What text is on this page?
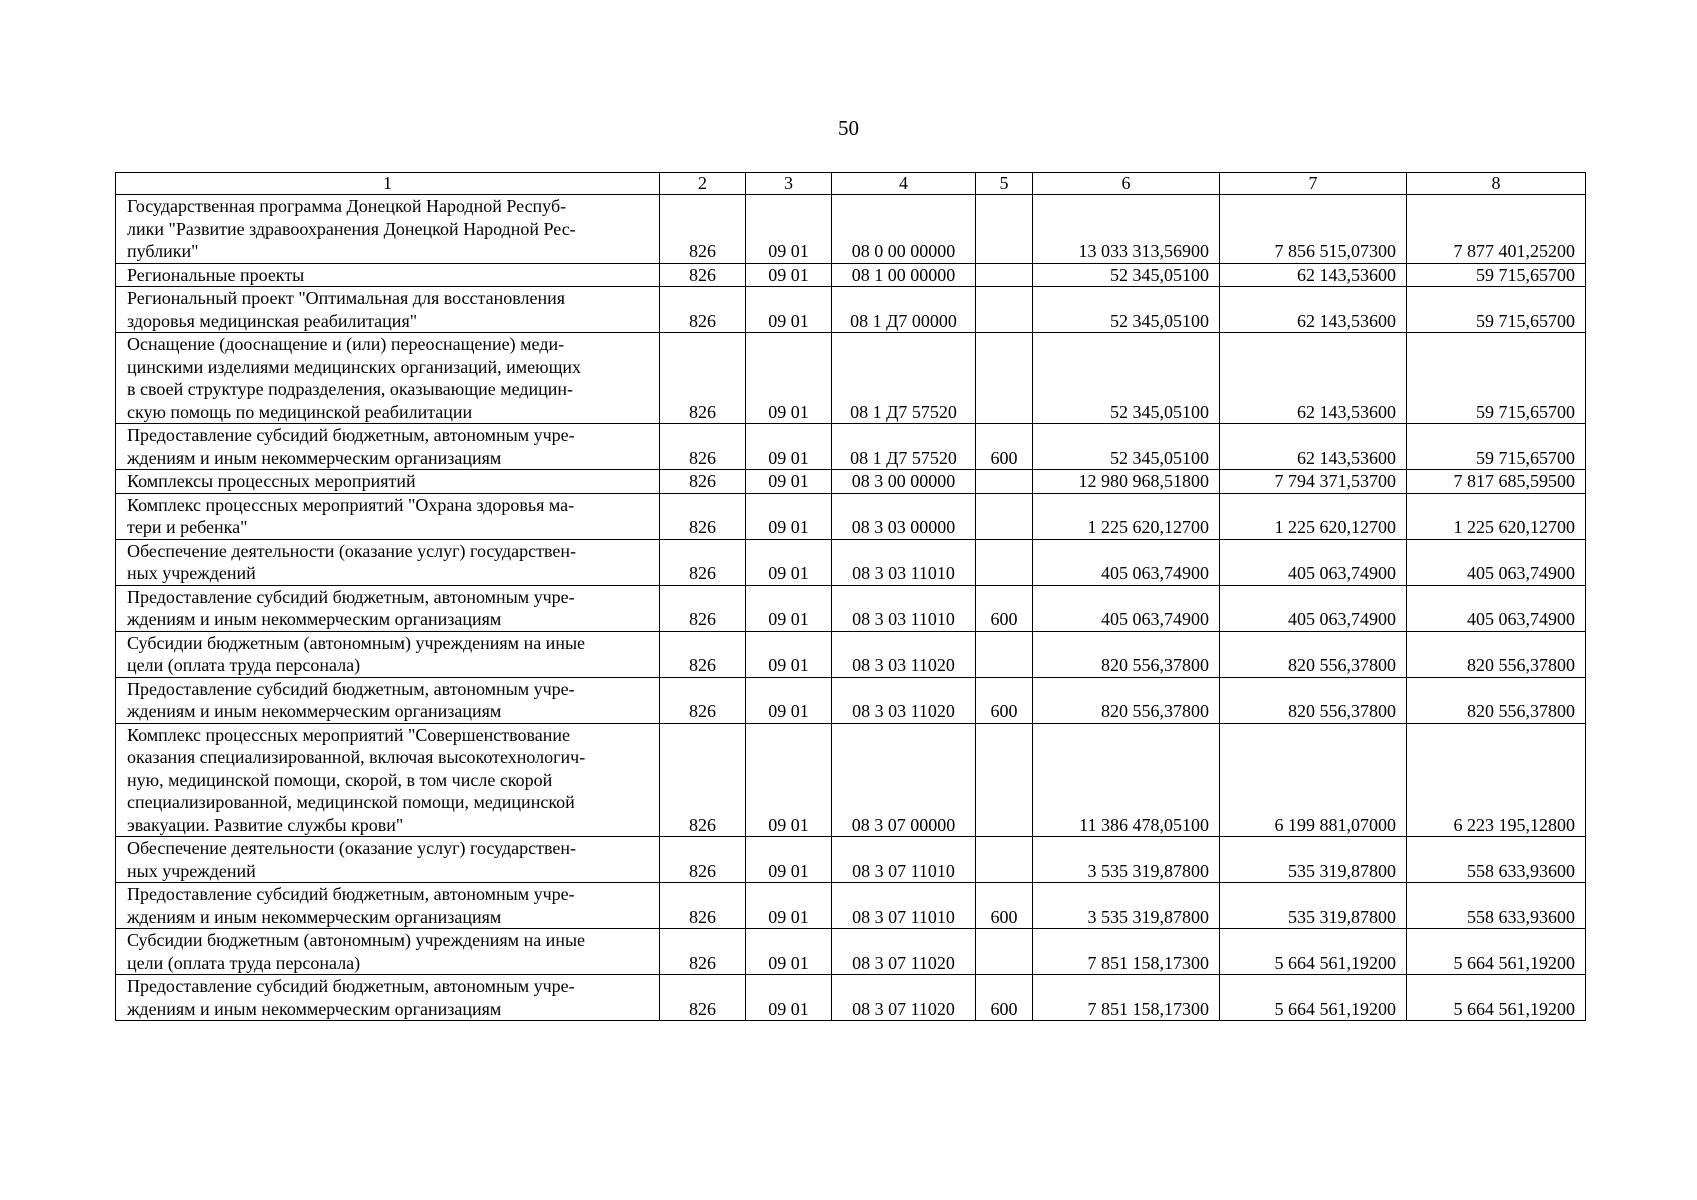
50
1	2	3	4	5	6	7	8

Государственная программа Донецкой Народной Респуб-
лики "Развитие здравоохранения Донецкой Народной Рес-
публики"	826	09 01	08 0 00 00000		13 033 313,56900	7 856 515,07300	7 877 401,25200

Региональные проекты	826	09 01	08 1 00 00000		52 345,05100	62 143,53600	59 715,65700

Региональный проект "Оптимальная для восстановления
здоровья медицинская реабилитация"	826	09 01	08 1 Д7 00000		52 345,05100	62 143,53600	59 715,65700

Оснащение (дооснащение и (или) переоснащение) меди-
цинскими изделиями медицинских организаций, имеющих
в своей структуре подразделения, оказывающие медицин-
скую помощь по медицинской реабилитации	826	09 01	08 1 Д7 57520		52 345,05100	62 143,53600	59 715,65700

Предоставление субсидий бюджетным, автономным учре-
ждениям и иным некоммерческим организациям	826	09 01	08 1 Д7 57520	600	52 345,05100	62 143,53600	59 715,65700

Комплексы процессных мероприятий	826	09 01	08 3 00 00000		12 980 968,51800	7 794 371,53700	7 817 685,59500

Комплекс процессных мероприятий "Охрана здоровья ма-
тери и ребенка"	826	09 01	08 3 03 00000		1 225 620,12700	1 225 620,12700	1 225 620,12700

Обеспечение деятельности (оказание услуг) государствен-
ных учреждений	826	09 01	08 3 03 11010		405 063,74900	405 063,74900	405 063,74900

Предоставление субсидий бюджетным, автономным учре-
ждениям и иным некоммерческим организациям	826	09 01	08 3 03 11010	600	405 063,74900	405 063,74900	405 063,74900

Субсидии бюджетным (автономным) учреждениям на иные
цели (оплата труда персонала)	826	09 01	08 3 03 11020		820 556,37800	820 556,37800	820 556,37800

Предоставление субсидий бюджетным, автономным учре-
ждениям и иным некоммерческим организациям	826	09 01	08 3 03 11020	600	820 556,37800	820 556,37800	820 556,37800

Комплекс процессных мероприятий "Совершенствование
оказания специализированной, включая высокотехнологич-
ную, медицинской помощи, скорой, в том числе скорой
специализированной, медицинской помощи, медицинской
эвакуации. Развитие службы крови"	826	09 01	08 3 07 00000		11 386 478,05100	6 199 881,07000	6 223 195,12800

Обеспечение деятельности (оказание услуг) государствен-
ных учреждений	826	09 01	08 3 07 11010		3 535 319,87800	535 319,87800	558 633,93600

Предоставление субсидий бюджетным, автономным учре-
ждениям и иным некоммерческим организациям	826	09 01	08 3 07 11010	600	3 535 319,87800	535 319,87800	558 633,93600

Субсидии бюджетным (автономным) учреждениям на иные
цели (оплата труда персонала)	826	09 01	08 3 07 11020		7 851 158,17300	5 664 561,19200	5 664 561,19200

Предоставление субсидий бюджетным, автономным учре-
ждениям и иным некоммерческим организациям	826	09 01	08 3 07 11020	600	7 851 158,17300	5 664 561,19200	5 664 561,19200
